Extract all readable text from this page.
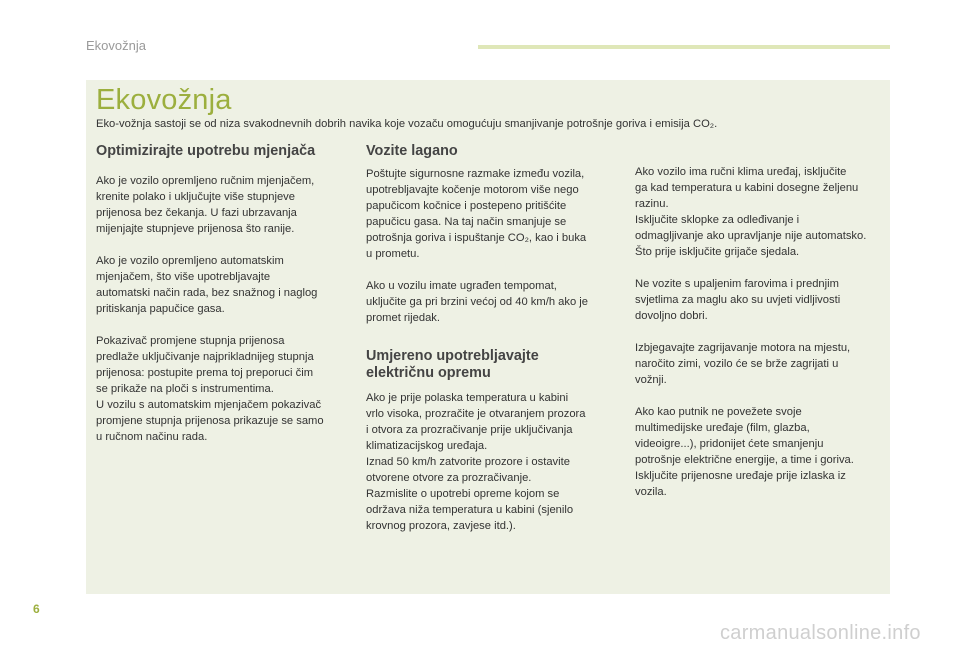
Ekovožnja
Ekovožnja
Eko-vožnja sastoji se od niza svakodnevnih dobrih navika koje vozaču omogućuju smanjivanje potrošnje goriva i emisija CO₂.
Optimizirajte upotrebu mjenjača

Ako je vozilo opremljeno ručnim mjenjačem,
krenite polako i uključujte više stupnjeve
prijenosa bez čekanja. U fazi ubrzavanja
mijenjajte stupnjeve prijenosa što ranije.

Ako je vozilo opremljeno automatskim
mjenjačem, što više upotrebljavajte
automatski način rada, bez snažnog i naglog
pritiskanja papučice gasa.

Pokazivač promjene stupnja prijenosa
predlaže uključivanje najprikladnijeg stupnja
prijenosa: postupite prema toj preporuci čim
se prikaže na ploči s instrumentima.
U vozilu s automatskim mjenjačem pokazivač
promjene stupnja prijenosa prikazuje se samo
u ručnom načinu rada.

Vozite lagano

Poštujte sigurnosne razmake između vozila,
upotrebljavajte kočenje motorom više nego
papučicom kočnice i postepeno pritišćite
papučicu gasa. Na taj način smanjuje se
potrošnja goriva i ispuštanje CO₂, kao i buka
u prometu.

Ako u vozilu imate ugrađen tempomat,
uključite ga pri brzini većoj od 40 km/h ako je
promet rijedak.

Umjereno upotrebljavajte
električnu opremu

Ako je prije polaska temperatura u kabini
vrlo visoka, prozračite je otvaranjem prozora
i otvora za prozračivanje prije uključivanja
klimatizacijskog uređaja.
Iznad 50 km/h zatvorite prozore i ostavite
otvorene otvore za prozračivanje.
Razmislite o upotrebi opreme kojom se
održava niža temperatura u kabini (sjenilo
krovnog prozora, zavjese itd.).

Ako vozilo ima ručni klima uređaj, isključite
ga kad temperatura u kabini dosegne željenu
razinu.
Isključite sklopke za odleđivanje i
odmagljivanje ako upravljanje nije automatsko.
Što prije isključite grijače sjedala.

Ne vozite s upaljenim farovima i prednjim
svjetlima za maglu ako su uvjeti vidljivosti
dovoljno dobri.

Izbjegavajte zagrijavanje motora na mjestu,
naročito zimi, vozilo će se brže zagrijati u
vožnji.

Ako kao putnik ne povežete svoje
multimedijske uređaje (film, glazba,
videoigre...), pridonijet ćete smanjenju
potrošnje električne energije, a time i goriva.
Isključite prijenosne uređaje prije izlaska iz
vozila.

6
carmanualsonline.info
